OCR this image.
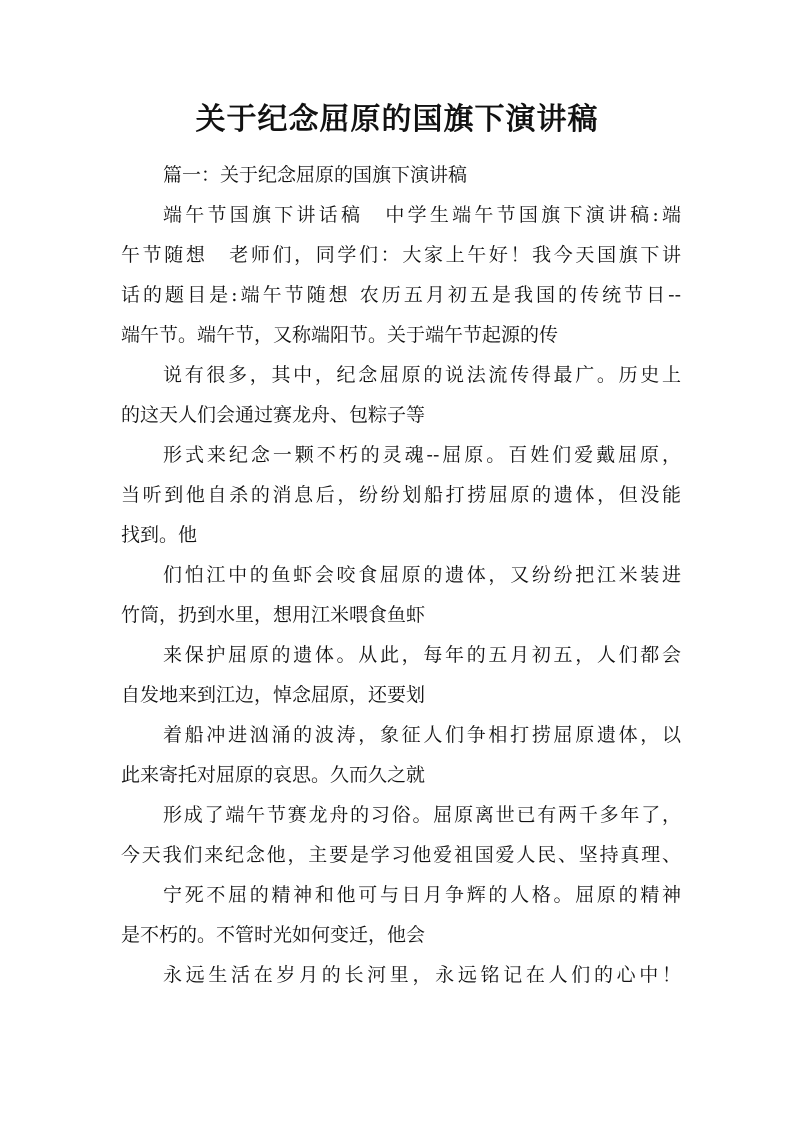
关于纪念屈原的国旗下演讲稿

篇一：关于纪念屈原的国旗下演讲稿

端午节国旗下讲话稿　中学生端午节国旗下演讲稿:端

午节随想　老师们，同学们：大家上午好！我今天国旗下讲

话的题目是:端午节随想 农历五月初五是我国的传统节日--

端午节。端午节，又称端阳节。关于端午节起源的传

说有很多，其中，纪念屈原的说法流传得最广。历史上

的这天人们会通过赛龙舟、包粽子等

形式来纪念一颗不朽的灵魂--屈原。百姓们爱戴屈原，

当听到他自杀的消息后，纷纷划船打捞屈原的遗体，但没能

找到。他

们怕江中的鱼虾会咬食屈原的遗体，又纷纷把江米装进

竹筒，扔到水里，想用江米喂食鱼虾

来保护屈原的遗体。从此，每年的五月初五，人们都会

自发地来到江边，悼念屈原，还要划

着船冲进汹涌的波涛，象征人们争相打捞屈原遗体，以

此来寄托对屈原的哀思。久而久之就

形成了端午节赛龙舟的习俗。屈原离世已有两千多年了，

今天我们来纪念他，主要是学习他爱祖国爱人民、坚持真理、

宁死不屈的精神和他可与日月争辉的人格。屈原的精神

是不朽的。不管时光如何变迁，他会

永远生活在岁月的长河里，永远铭记在人们的心中！
